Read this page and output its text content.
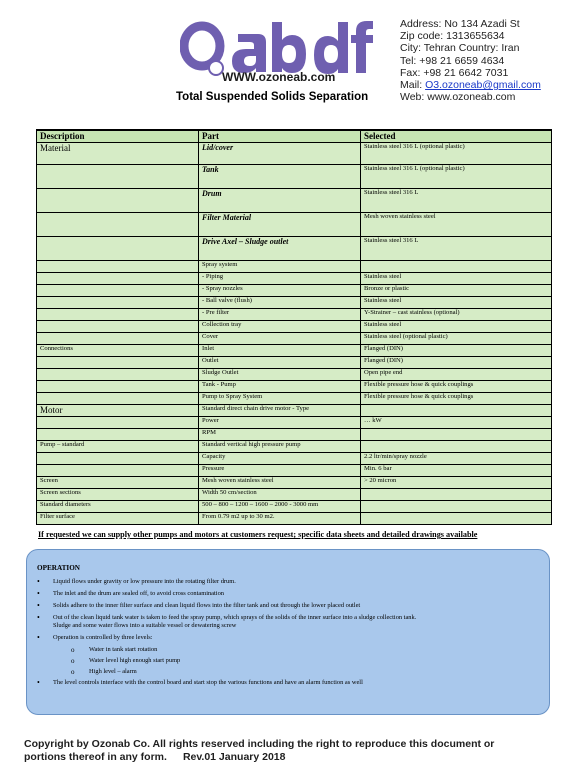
WWW.ozoneab.com
Total Suspended Solids Separation
Address: No 134 Azadi St
Zip code: 1313655634
City: Tehran Country: Iran
Tel: +98 21 6659 4634
Fax: +98 21 6642 7031
Mail: O3.ozoneab@gmail.com
Web: www.ozoneab.com
Description	Part	Selected
Material	Lid/cover	Stainless steel 316 L (optional plastic)
	Tank	Stainless steel 316 L (optional plastic)
	Drum	Stainless steel 316 L
	Filter Material	Mesh woven stainless steel
	Drive Axel – Sludge outlet	Stainless steel 316 L
	Spray system	
	- Piping	Stainless steel
	- Spray nozzles	Bronze or plastic
	- Ball valve (flush)	Stainless steel
	- Pre filter	Y-Strainer – cast stainless (optional)
	Collection tray	Stainless steel
	Cover	Stainless steel (optional plastic)
Connections	Inlet	Flanged (DIN)
	Outlet	Flanged (DIN)
	Sludge Outlet	Open pipe end
	Tank - Pump	Flexible pressure hose & quick couplings
	Pump to Spray System	Flexible pressure hose & quick couplings
Motor	Standard direct chain drive motor - Type	
	Power	… kW
	RPM	
Pump – standard	Standard vertical high pressure pump	
	Capacity	2.2 ltr/min/spray nozzle
	Pressure	Min. 6 bar
Screen	Mesh woven stainless steel	> 20 micron
Screen sections	Width 50 cm/section	
Standard diameters	500 – 800 – 1200 – 1600 – 2000 - 3000 mm	
Filter surface	From 0.79 m2 up to 30 m2.	
If requested we can supply other pumps and motors at customers request; specific data sheets and detailed drawings available
OPERATION
• Liquid flows under gravity or low pressure into the rotating filter drum.
• The inlet and the drum are sealed off, to avoid cross contamination
• Solids adhere to the inner filter surface and clean liquid flows into the filter tank and out through the lower placed outlet
• Out of the clean liquid tank water is taken to feed the spray pump, which sprays of the solids of the inner surface into a sludge collection tank.
Sludge and some water flows into a suitable vessel or dewatering screw
• Operation is controlled by three levels:
o Water in tank start rotation
o Water level high enough start pump
o High level – alarm
• The level controls interface with the control board and start stop the various functions and have an alarm function as well
Copyright by Ozonab Co. All rights reserved including the right to reproduce this document or
portions thereof in any form. Rev.01 January 2018
